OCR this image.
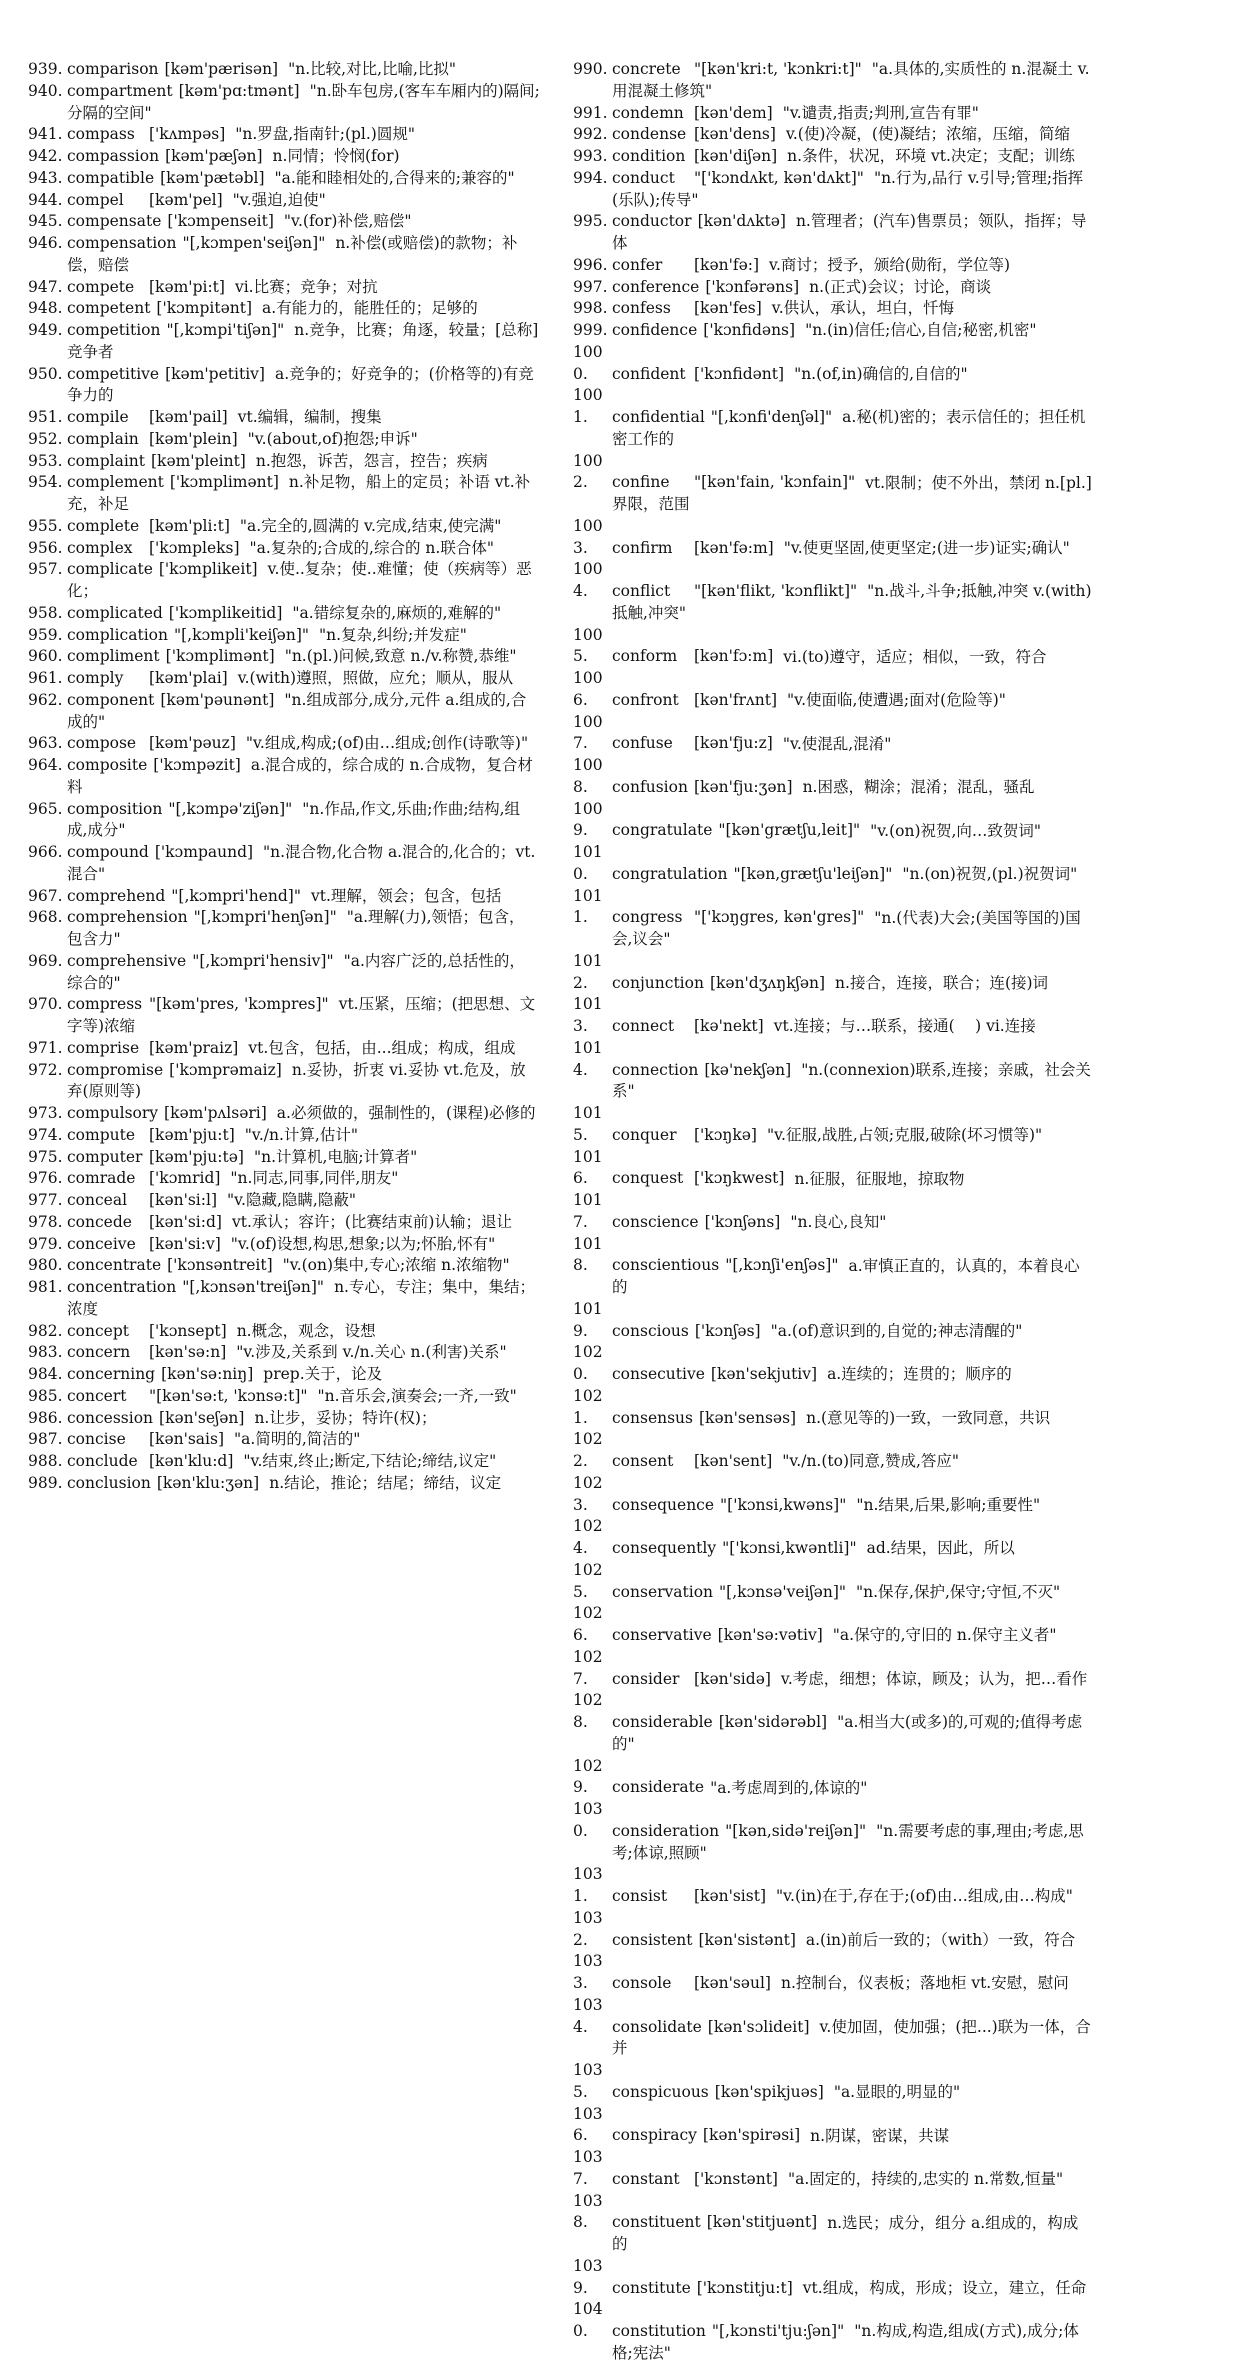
939. comparison [kəm'pærisən] "n.比较,对比,比喻,比拟"
940. compartment [kəm'pɑ:tmənt] "n.卧车包房,(客车车厢内的)隔间;分隔的空间"
941. compass ['kʌmpəs] "n.罗盘,指南针;(pl.)圆规"
942. compassion [kəm'pæʃən] n.同情；怜悯(for)
943. compatible [kəm'pætəbl] "a.能和睦相处的,合得来的;兼容的"
944. compel [kəm'pel] "v.强迫,迫使"
945. compensate ['kɔmpenseit] "v.(for)补偿,赔偿"
946. compensation "[,kɔmpen'seiʃən]" n.补偿(或赔偿)的款物；补偿，赔偿
947. compete [kəm'pi:t] vi.比赛；竞争；对抗
948. competent ['kɔmpitənt] a.有能力的，能胜任的；足够的
949. competition "[,kɔmpi'tiʃən]" n.竞争，比赛；角逐，较量；[总称]竞争者
950. competitive [kəm'petitiv] a.竞争的；好竞争的；(价格等的)有竞争力的
951. compile [kəm'pail] vt.编辑，编制，搜集
952. complain [kəm'plein] "v.(about,of)抱怨;申诉"
953. complaint [kəm'pleint] n.抱怨，诉苦，怨言，控告；疾病
954. complement ['kɔmplimənt] n.补足物，船上的定员；补语 vt.补充，补足
955. complete [kəm'pli:t] "a.完全的,圆满的 v.完成,结束,使完满"
956. complex ['kɔmpleks] "a.复杂的;合成的,综合的 n.联合体"
957. complicate ['kɔmplikeit] v.使..复杂；使..难懂；使（疾病等）恶化；
958. complicated ['kɔmplikeitid] "a.错综复杂的,麻烦的,难解的"
959. complication "[,kɔmpli'keiʃən]" "n.复杂,纠纷;并发症"
960. compliment ['kɔmplimənt] "n.(pl.)问候,致意 n./v.称赞,恭维"
961. comply [kəm'plai] v.(with)遵照，照做，应允；顺从，服从
962. component [kəm'pəunənt] "n.组成部分,成分,元件 a.组成的,合成的"
963. compose [kəm'pəuz] "v.组成,构成;(of)由…组成;创作(诗歌等)"
964. composite ['kɔmpəzit] a.混合成的，综合成的 n.合成物，复合材料
965. composition "[,kɔmpə'ziʃən]" "n.作品,作文,乐曲;作曲;结构,组成,成分"
966. compound ['kɔmpaund] "n.混合物,化合物 a.混合的,化合的；vt.混合"
967. comprehend "[,kɔmpri'hend]" vt.理解，领会；包含，包括
968. comprehension "[,kɔmpri'henʃən]" "a.理解(力),领悟；包含，包含力"
969. comprehensive "[,kɔmpri'hensiv]" "a.内容广泛的,总括性的，综合的"
970. compress "[kəm'pres, 'kɔmpres]" vt.压紧，压缩；(把思想、文字等)浓缩
971. comprise [kəm'praiz] vt.包含，包括，由...组成；构成，组成
972. compromise ['kɔmprəmaiz] n.妥协，折衷 vi.妥协 vt.危及，放弃(原则等)
973. compulsory [kəm'pʌlsəri] a.必须做的，强制性的，(课程)必修的
974. compute [kəm'pju:t] "v./n.计算,估计"
975. computer [kəm'pju:tə] "n.计算机,电脑;计算者"
976. comrade ['kɔmrid] "n.同志,同事,同伴,朋友"
977. conceal [kən'si:l] "v.隐藏,隐瞒,隐蔽"
978. concede [kən'si:d] vt.承认；容许；(比赛结束前)认输；退让
979. conceive [kən'si:v] "v.(of)设想,构思,想象;以为;怀胎,怀有"
980. concentrate ['kɔnsəntreit] "v.(on)集中,专心;浓缩 n.浓缩物"
981. concentration "[,kɔnsən'treiʃən]" n.专心，专注；集中，集结；浓度
982. concept ['kɔnsept] n.概念，观念，设想
983. concern [kən'sə:n] "v.涉及,关系到 v./n.关心 n.(利害)关系"
984. concerning [kən'sə:niŋ] prep.关于，论及
985. concert "[kən'sə:t, 'kɔnsə:t]" "n.音乐会,演奏会;一齐,一致"
986. concession [kən'seʃən] n.让步，妥协；特许(权)；
987. concise [kən'sais] "a.简明的,简洁的"
988. conclude [kən'klu:d] "v.结束,终止;断定,下结论;缔结,议定"
989. conclusion [kən'klu:ʒən] n.结论，推论；结尾；缔结，议定
990. concrete "[kən'kri:t, 'kɔnkri:t]" "a.具体的,实质性的 n.混凝土 v.用混凝土修筑"
991. condemn [kən'dem] "v.谴责,指责;判刑,宣告有罪"
992. condense [kən'dens] v.(使)冷凝，(使)凝结；浓缩，压缩，简缩
993. condition [kən'diʃən] n.条件，状况，环境 vt.决定；支配；训练
994. conduct "['kɔndʌkt, kən'dʌkt]" "n.行为,品行 v.引导;管理;指挥(乐队);传导"
995. conductor [kən'dʌktə] n.管理者；(汽车)售票员；领队，指挥；导体
996. confer [kən'fə:] v.商讨；授予，颁给(勋衔，学位等)
997. conference ['kɔnfərəns] n.(正式)会议；讨论，商谈
998. confess [kən'fes] v.供认，承认，坦白，忏悔
999. confidence ['kɔnfidəns] "n.(in)信任;信心,自信;秘密,机密"
1000. confident ['kɔnfidənt] "n.(of,in)确信的,自信的"
1001. confidential "[,kɔnfi'denʃəl]" a.秘(机)密的；表示信任的；担任机密工作的
1002. confine "[kən'fain, 'kɔnfain]" vt.限制；使不外出，禁闭 n.[pl.]界限，范围
1003. confirm [kən'fə:m] "v.使更坚固,使更坚定;(进一步)证实;确认"
1004. conflict "[kən'flikt, 'kɔnflikt]" "n.战斗,斗争;抵触,冲突 v.(with)抵触,冲突"
1005. conform [kən'fɔ:m] vi.(to)遵守，适应；相似，一致，符合
1006. confront [kən'frʌnt] "v.使面临,使遭遇;面对(危险等)"
1007. confuse [kən'fju:z] "v.使混乱,混淆"
1008. confusion [kən'fju:ʒən] n.困惑，糊涂；混淆；混乱，骚乱
1009. congratulate "[kən'grætʃu,leit]" "v.(on)祝贺,向…致贺词"
1010. congratulation "[kən,grætʃu'leiʃən]" "n.(on)祝贺,(pl.)祝贺词"
1011. congress "['kɔŋgres, kən'gres]" "n.(代表)大会;(美国等国的)国会,议会"
1012. conjunction [kən'dʒʌŋkʃən] n.接合，连接，联合；连(接)词
1013. connect [kə'nekt] vt.连接；与…联系，接通(　 ) vi.连接
1014. connection [kə'nekʃən] "n.(connexion)联系,连接；亲戚，社会关系"
1015. conquer ['kɔŋkə] "v.征服,战胜,占领;克服,破除(坏习惯等)"
1016. conquest ['kɔŋkwest] n.征服，征服地，掠取物
1017. conscience ['kɔnʃəns] "n.良心,良知"
1018. conscientious "[,kɔnʃi'enʃəs]" a.审慎正直的，认真的，本着良心的
1019. conscious ['kɔnʃəs] "a.(of)意识到的,自觉的;神志清醒的"
1020. consecutive [kən'sekjutiv] a.连续的；连贯的；顺序的
1021. consensus [kən'sensəs] n.(意见等的)一致，一致同意，共识
1022. consent [kən'sent] "v./n.(to)同意,赞成,答应"
1023. consequence "['kɔnsi,kwəns]" "n.结果,后果,影响;重要性"
1024. consequently "['kɔnsi,kwəntli]" ad.结果，因此，所以
1025. conservation "[,kɔnsə'veiʃən]" "n.保存,保护,保守;守恒,不灭"
1026. conservative [kən'sə:vətiv] "a.保守的,守旧的 n.保守主义者"
1027. consider [kən'sidə] v.考虑，细想；体谅，顾及；认为，把…看作
1028. considerable [kən'sidərəbl] "a.相当大(或多)的,可观的;值得考虑的"
1029. considerate "a.考虑周到的,体谅的"
1030. consideration "[kən,sidə'reiʃən]" "n.需要考虑的事,理由;考虑,思考;体谅,照顾"
1031. consist [kən'sist] "v.(in)在于,存在于;(of)由…组成,由…构成"
1032. consistent [kən'sistənt] a.(in)前后一致的；（with）一致，符合
1033. console [kən'səul] n.控制台，仪表板；落地柜 vt.安慰，慰问
1034. consolidate [kən'sɔlideit] v.使加固，使加强；(把...)联为一体，合并
1035. conspicuous [kən'spikjuəs] "a.显眼的,明显的"
1036. conspiracy [kən'spirəsi] n.阴谋，密谋，共谋
1037. constant ['kɔnstənt] "a.固定的，持续的,忠实的 n.常数,恒量"
1038. constituent [kən'stitjuənt] n.选民；成分，组分 a.组成的，构成的
1039. constitute ['kɔnstitju:t] vt.组成，构成，形成；设立，建立，任命
1040. constitution "[,kɔnsti'tju:ʃən]" "n.构成,构造,组成(方式),成分;体格;宪法"
